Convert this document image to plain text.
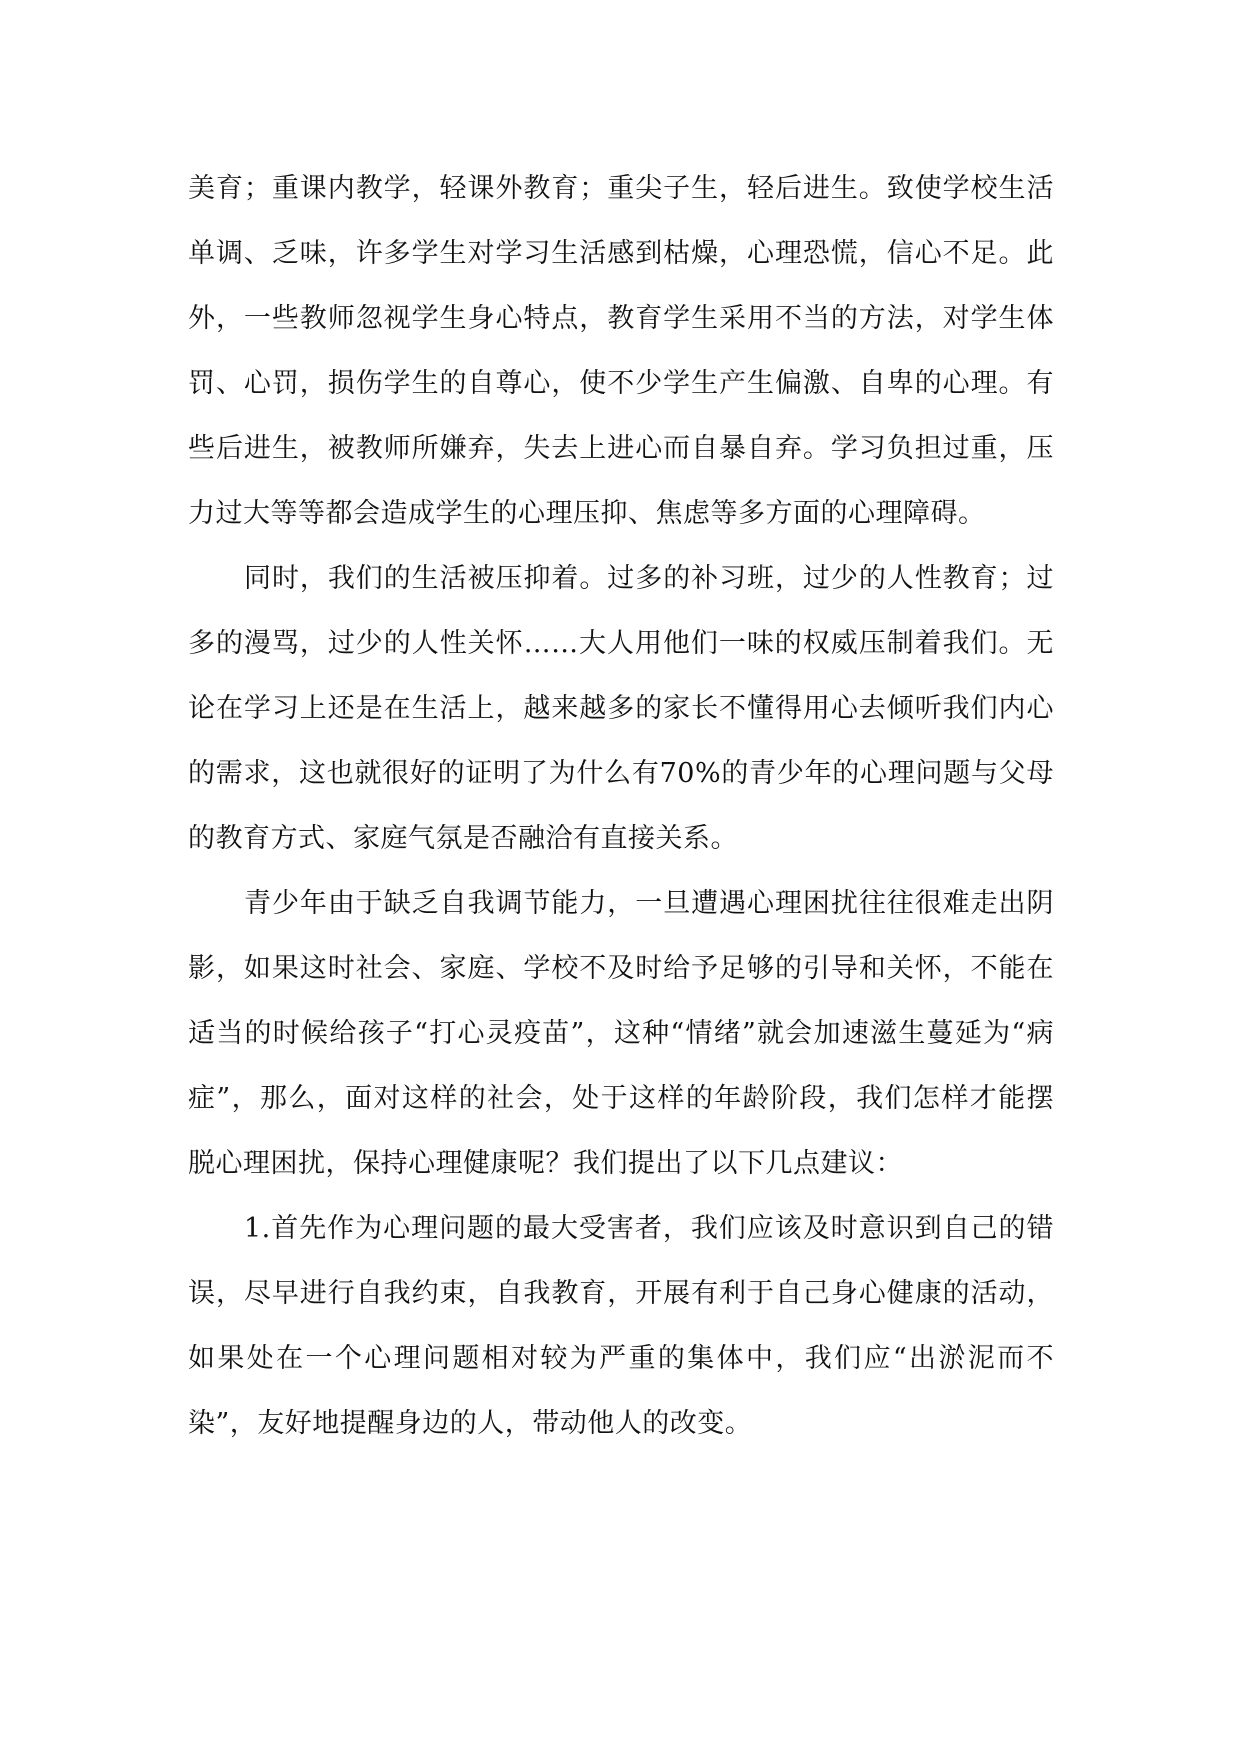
美育；重课内教学，轻课外教育；重尖子生，轻后进生。致使学校生活单调、乏味，许多学生对学习生活感到枯燥，心理恐慌，信心不足。此外，一些教师忽视学生身心特点，教育学生采用不当的方法，对学生体罚、心罚，损伤学生的自尊心，使不少学生产生偏激、自卑的心理。有些后进生，被教师所嫌弃，失去上进心而自暴自弃。学习负担过重，压力过大等等都会造成学生的心理压抑、焦虑等多方面的心理障碍。

同时，我们的生活被压抑着。过多的补习班，过少的人性教育；过多的漫骂，过少的人性关怀……大人用他们一味的权威压制着我们。无论在学习上还是在生活上，越来越多的家长不懂得用心去倾听我们内心的需求，这也就很好的证明了为什么有70%的青少年的心理问题与父母的教育方式、家庭气氛是否融洽有直接关系。

青少年由于缺乏自我调节能力，一旦遭遇心理困扰往往很难走出阴影，如果这时社会、家庭、学校不及时给予足够的引导和关怀，不能在适当的时候给孩子“打心灵疫苗”，这种“情绪”就会加速滋生蔓延为“病症”，那么，面对这样的社会，处于这样的年龄阶段，我们怎样才能摆脱心理困扰，保持心理健康呢？我们提出了以下几点建议：

1.首先作为心理问题的最大受害者，我们应该及时意识到自己的错误，尽早进行自我约束，自我教育，开展有利于自己身心健康的活动，如果处在一个心理问题相对较为严重的集体中，我们应“出淤泥而不染”，友好地提醒身边的人，带动他人的改变。
